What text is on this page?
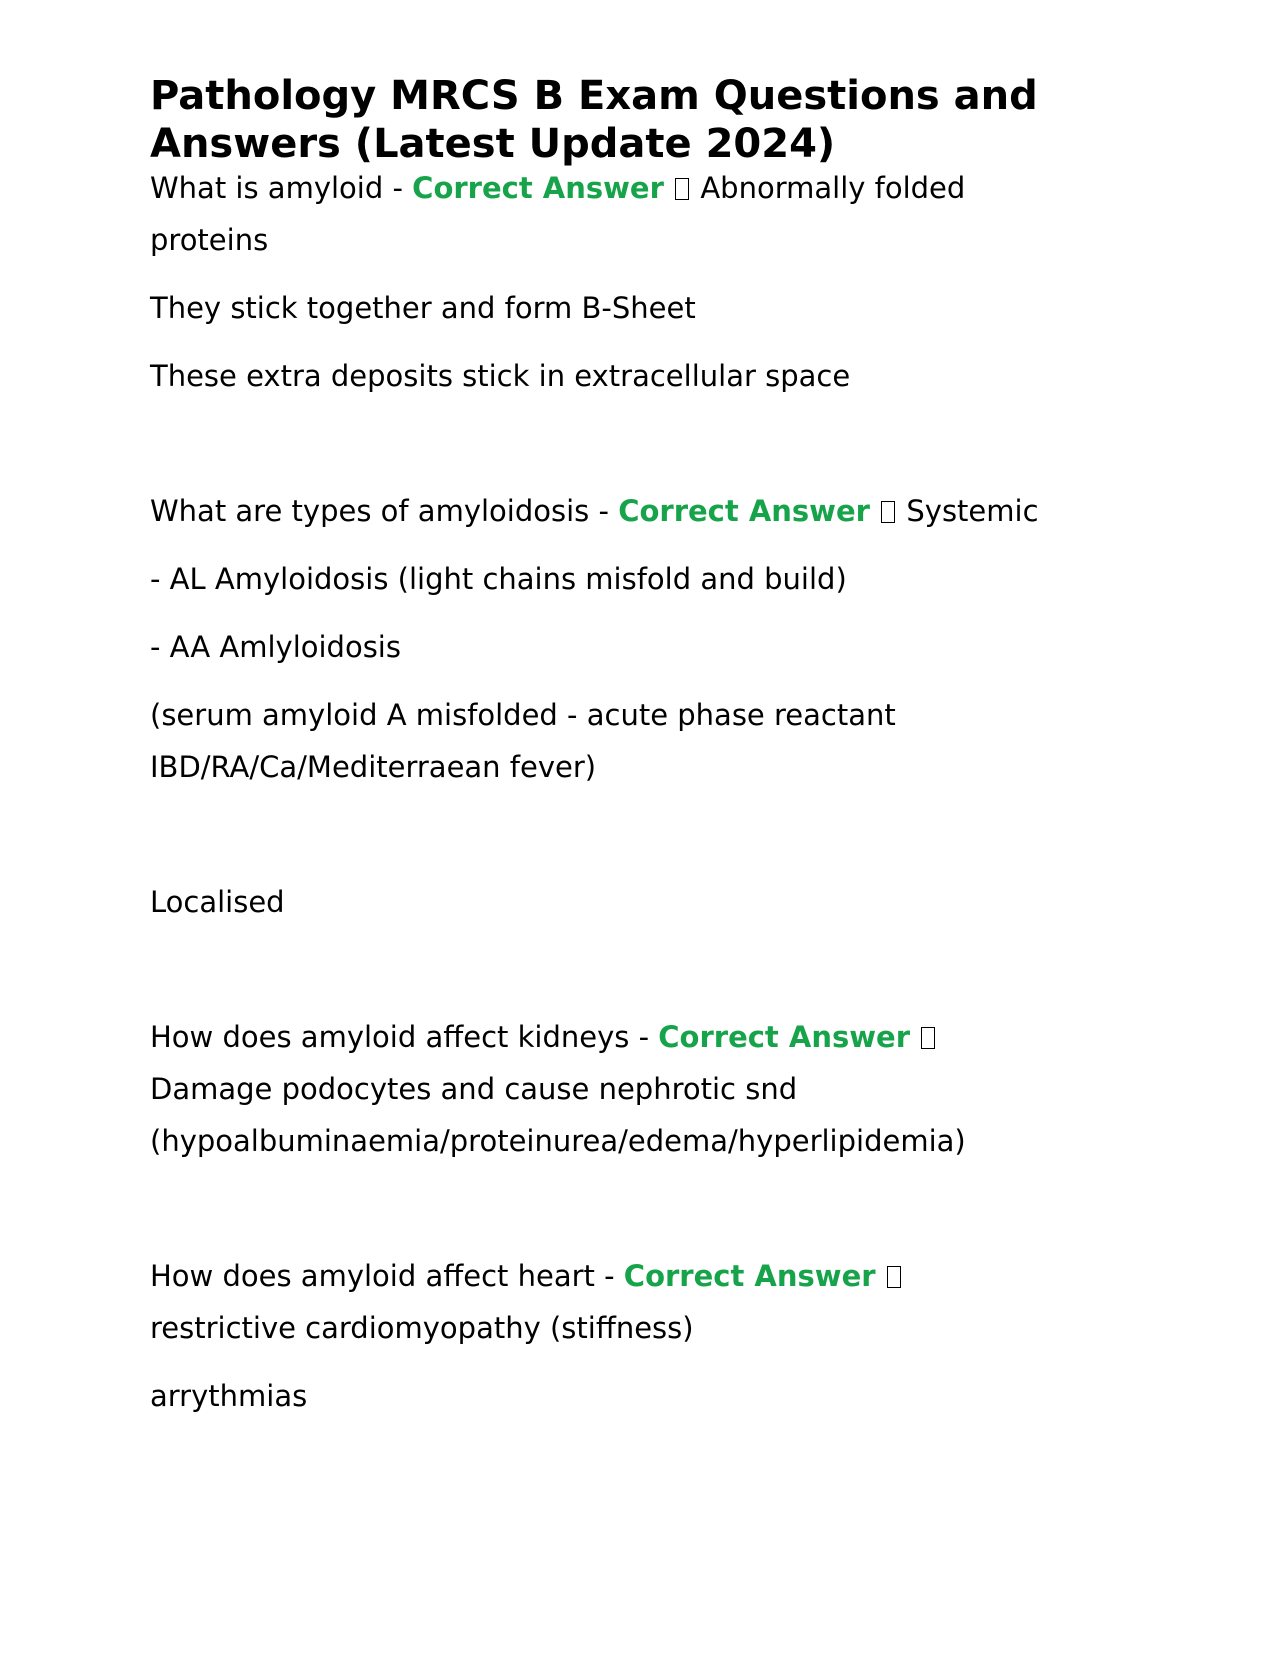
Pathology MRCS B Exam Questions and
Answers (Latest Update 2024)

What is amyloid - Correct Answer  Abnormally folded

proteins

They stick together and form B-Sheet

These extra deposits stick in extracellular space

What are types of amyloidosis - Correct Answer  Systemic

- AL Amyloidosis (light chains misfold and build)

- AA Amlyloidosis

(serum amyloid A misfolded - acute phase reactant

IBD/RA/Ca/Mediterraean fever)

Localised

How does amyloid affect kidneys - Correct Answer

Damage podocytes and cause nephrotic snd

(hypoalbuminaemia/proteinurea/edema/hyperlipidemia)

How does amyloid affect heart - Correct Answer

restrictive cardiomyopathy (stiffness)

arrythmias
